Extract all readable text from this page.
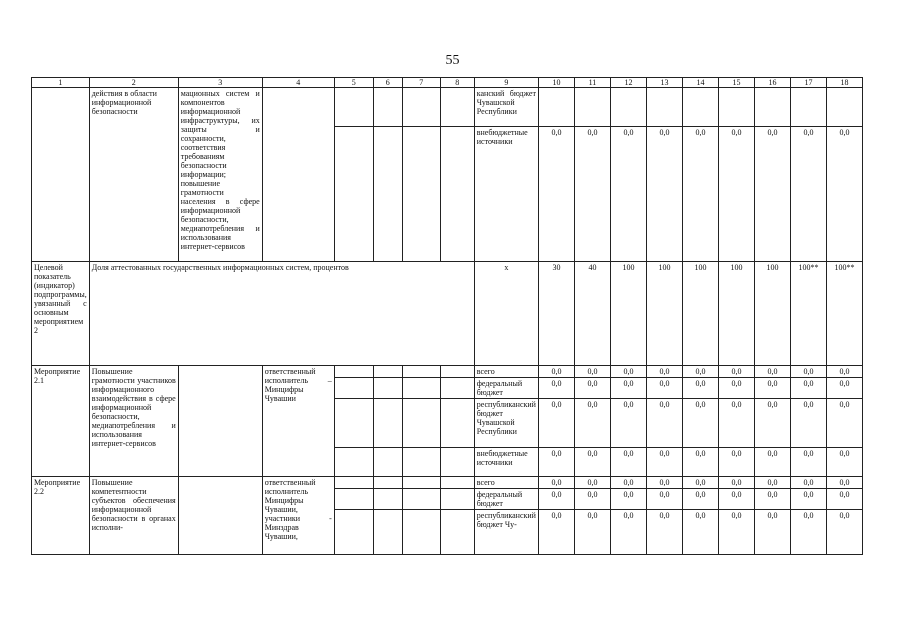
55
1	2	3	4	5	6	7	8	9	10	11	12	13	14	15	16	17	18
	действия в области информационной безопасности	мационных систем и компонентов информационной инфраструктуры, их защиты и сохранности, соответствия требованиям безопасности информации; повышение грамотности населения в сфере информационной безопасности, медиапотребления и использования интернет-сервисов						канский бюджет Чувашской Республики									
								внебюджетные источники	0,0	0,0	0,0	0,0	0,0	0,0	0,0	0,0	0,0
Целевой показатель (индикатор) подпрограммы, увязанный с основным мероприятием 2	Доля аттестованных государственных информационных систем, процентов							х	30	40	100	100	100	100	100	100**	100**
Мероприятие 2.1	Повышение грамотности участников информационного взаимодействия в сфере информационной безопасности, медиапотребления и использования интернет-сервисов		ответственный исполнитель – Минцифры Чувашии					всего	0,0	0,0	0,0	0,0	0,0	0,0	0,0	0,0	0,0
								федеральный бюджет	0,0	0,0	0,0	0,0	0,0	0,0	0,0	0,0	0,0
								республиканский бюджет Чувашской Республики	0,0	0,0	0,0	0,0	0,0	0,0	0,0	0,0	0,0
								внебюджетные источники	0,0	0,0	0,0	0,0	0,0	0,0	0,0	0,0	0,0
Мероприятие 2.2	Повышение компетентности субъектов обеспечения информационной безопасности в органах исполни-		ответственный исполнитель Минцифры Чувашии, участники - Минздрав Чувашии,					всего	0,0	0,0	0,0	0,0	0,0	0,0	0,0	0,0	0,0
								федеральный бюджет	0,0	0,0	0,0	0,0	0,0	0,0	0,0	0,0	0,0
								республиканский бюджет Чу-	0,0	0,0	0,0	0,0	0,0	0,0	0,0	0,0	0,0
